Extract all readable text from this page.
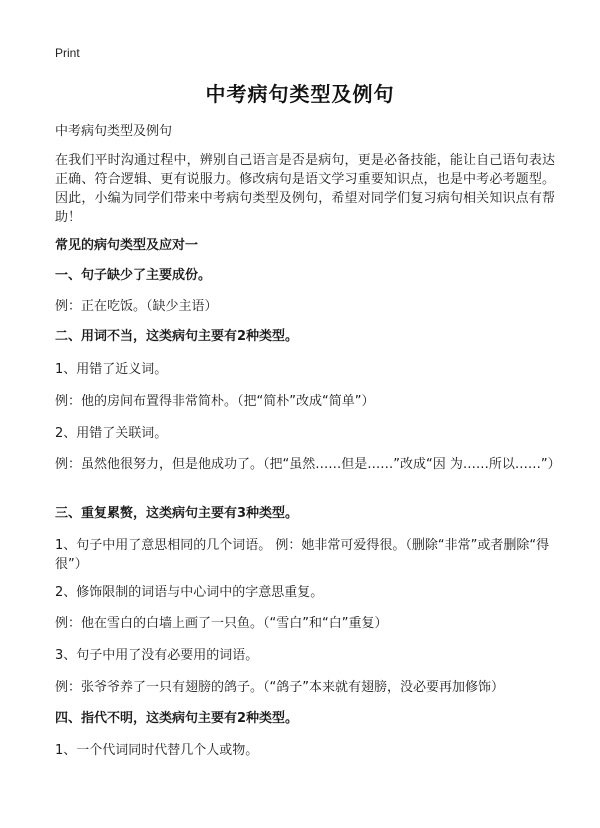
Print
中考病句类型及例句
中考病句类型及例句
在我们平时沟通过程中，辨别自己语言是否是病句，更是必备技能，能让自己语句表达正确、符合逻辑、更有说服力。修改病句是语文学习重要知识点，也是中考必考题型。因此，小编为同学们带来中考病句类型及例句，希望对同学们复习病句相关知识点有帮助！
常见的病句类型及应对一
一、句子缺少了主要成份。
例：正在吃饭。（缺少主语）
二、用词不当，这类病句主要有2种类型。
1、用错了近义词。
例：他的房间布置得非常简朴。（把“简朴”改成“简单”）
2、用错了关联词。
例：虽然他很努力，但是他成功了。（把“虽然……但是……”改成“因 为……所以……”）
三、重复累赘，这类病句主要有3种类型。
1、句子中用了意思相同的几个词语。 例：她非常可爱得很。（删除“非常”或者删除“得很”）
2、修饰限制的词语与中心词中的字意思重复。
例：他在雪白的白墙上画了一只鱼。（“雪白”和“白”重复）
3、句子中用了没有必要用的词语。
例：张爷爷养了一只有翅膀的鸽子。（“鸽子”本来就有翅膀，没必要再加修饰）
四、指代不明，这类病句主要有2种类型。
1、一个代词同时代替几个人或物。
